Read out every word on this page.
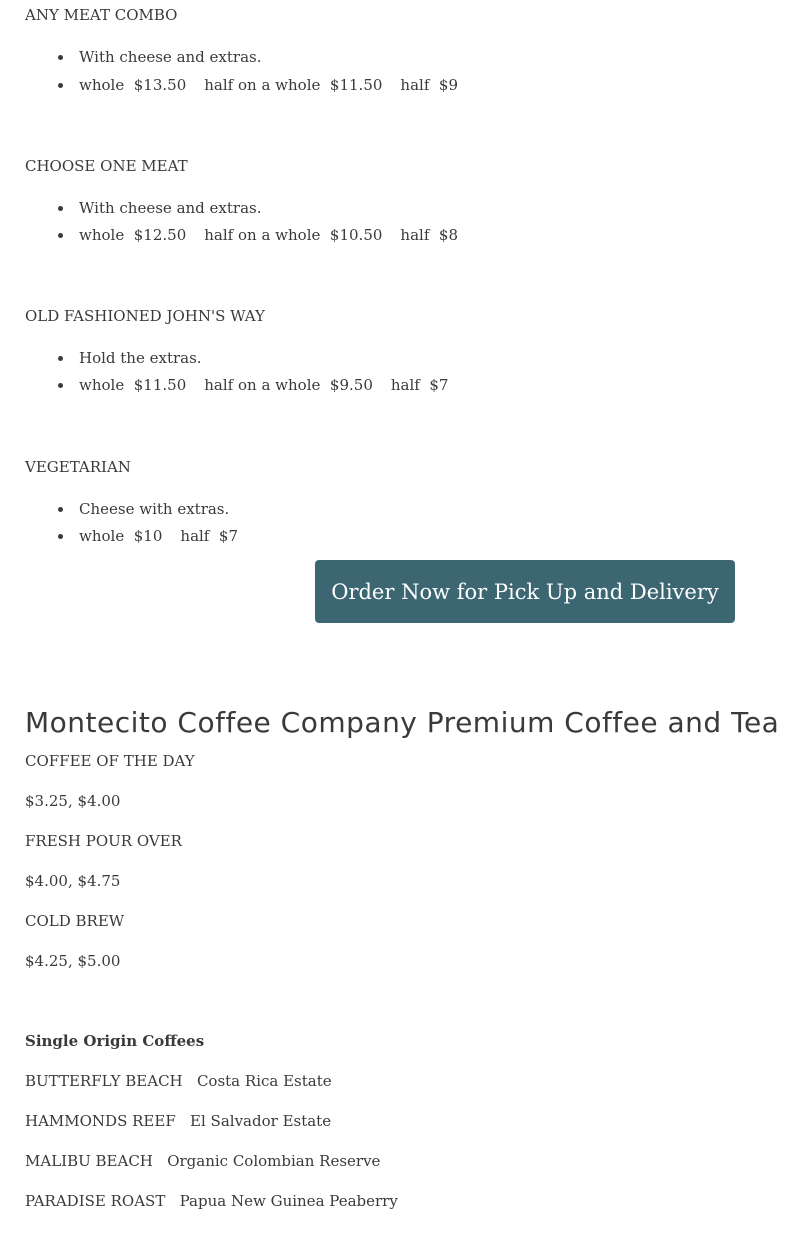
ANY MEAT COMBO
With cheese and extras.
whole $13.50 half on a whole $11.50 half $9
CHOOSE ONE MEAT
With cheese and extras.
whole $12.50 half on a whole $10.50 half $8
OLD FASHIONED JOHN'S WAY
Hold the extras.
whole $11.50 half on a whole $9.50 half $7
VEGETARIAN
Cheese with extras.
whole $10 half $7
Order Now for Pick Up and Delivery
Montecito Coffee Company Premium Coffee and Tea
COFFEE OF THE DAY
$3.25, $4.00
FRESH POUR OVER
$4.00, $4.75
COLD BREW
$4.25, $5.00
Single Origin Coffees
BUTTERFLY BEACH Costa Rica Estate
HAMMONDS REEF El Salvador Estate
MALIBU BEACH Organic Colombian Reserve
PARADISE ROAST Papua New Guinea Peaberry
